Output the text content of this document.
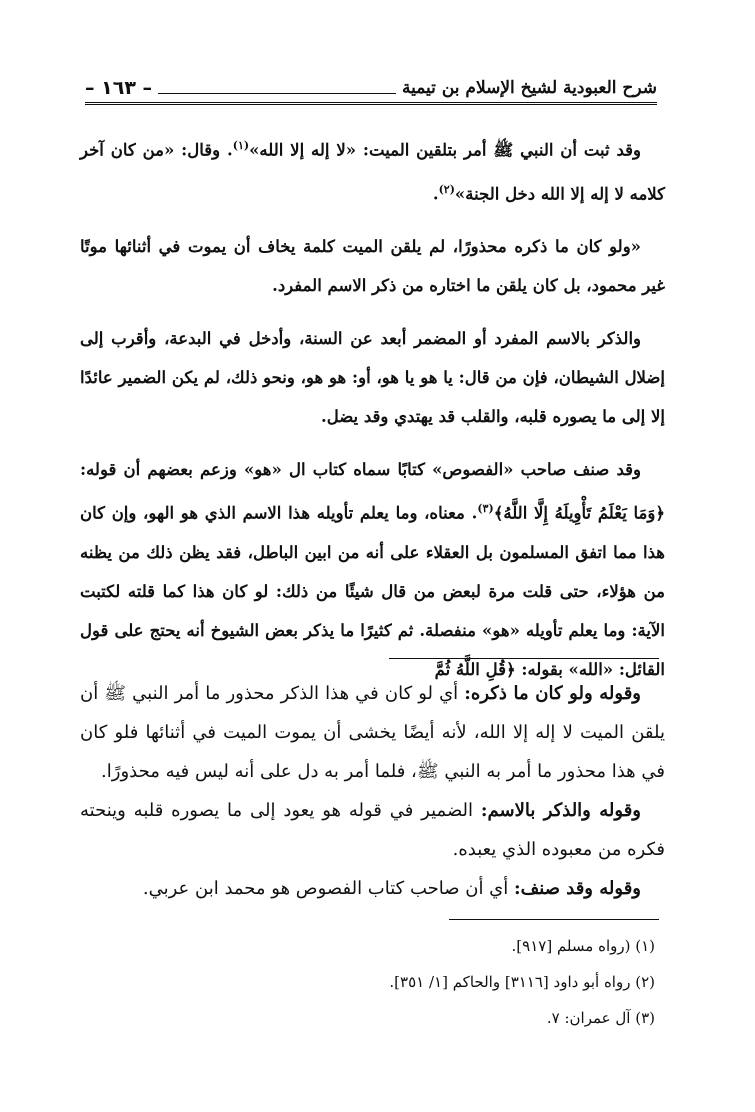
– ١٦٣ –	شرح العبودية لشيخ الإسلام بن تيمية

وقد ثبت أن النبي ﷺ أمر بتلقين الميت: «لا إله إلا الله»$^{(١)}$. وقال: «من كان آخر كلامه لا إله إلا الله دخل الجنة»$^{(٢)}$.

«ولو كان ما ذكره محذورًا، لم يلقن الميت كلمة يخاف أن يموت في أثنائها موتًا غير محمود، بل كان يلقن ما اختاره من ذكر الاسم المفرد.

والذكر بالاسم المفرد أو المضمر أبعد عن السنة، وأدخل في البدعة، وأقرب إلى إضلال الشيطان، فإن من قال: يا هو يا هو، أو: هو هو، ونحو ذلك، لم يكن الضمير عائدًا إلا إلى ما يصوره قلبه، والقلب قد يهتدي وقد يضل.

وقد صنف صاحب «الفصوص» كتابًا سماه كتاب ال «هو» وزعم بعضهم أن قوله: ﴿وَمَا يَعْلَمُ تَأْوِيلَهُ إِلَّا اللَّهُ﴾$^{(٣)}$. معناه، وما يعلم تأويله هذا الاسم الذي هو الهو، وإن كان هذا مما اتفق المسلمون بل العقلاء على أنه من ابين الباطل، فقد يظن ذلك من يظنه من هؤلاء، حتى قلت مرة لبعض من قال شيئًا من ذلك: لو كان هذا كما قلته لكتبت الآية: وما يعلم تأويله «هو» منفصلة. ثم كثيرًا ما يذكر بعض الشيوخ أنه يحتج على قول القائل: «الله» بقوله: ﴿قُلِ اللَّهُ ثُمَّ

وقوله ولو كان ما ذكره: أي لو كان في هذا الذكر محذور ما أمر النبي ﷺ أن يلقن الميت لا إله إلا الله، لأنه أيضًا يخشى أن يموت الميت في أثنائها فلو كان في هذا محذور ما أمر به النبي ﷺ، فلما أمر به دل على أنه ليس فيه محذورًا.

وقوله والذكر بالاسم: الضمير في قوله هو يعود إلى ما يصوره قلبه وينحته فكره من معبوده الذي يعبده.

وقوله وقد صنف: أي أن صاحب كتاب الفصوص هو محمد ابن عربي.

(١) (رواه مسلم [٩١٧].
(٢) رواه أبو داود [٣١١٦] والحاكم [١/ ٣٥١].
(٣) آل عمران: ٧.
